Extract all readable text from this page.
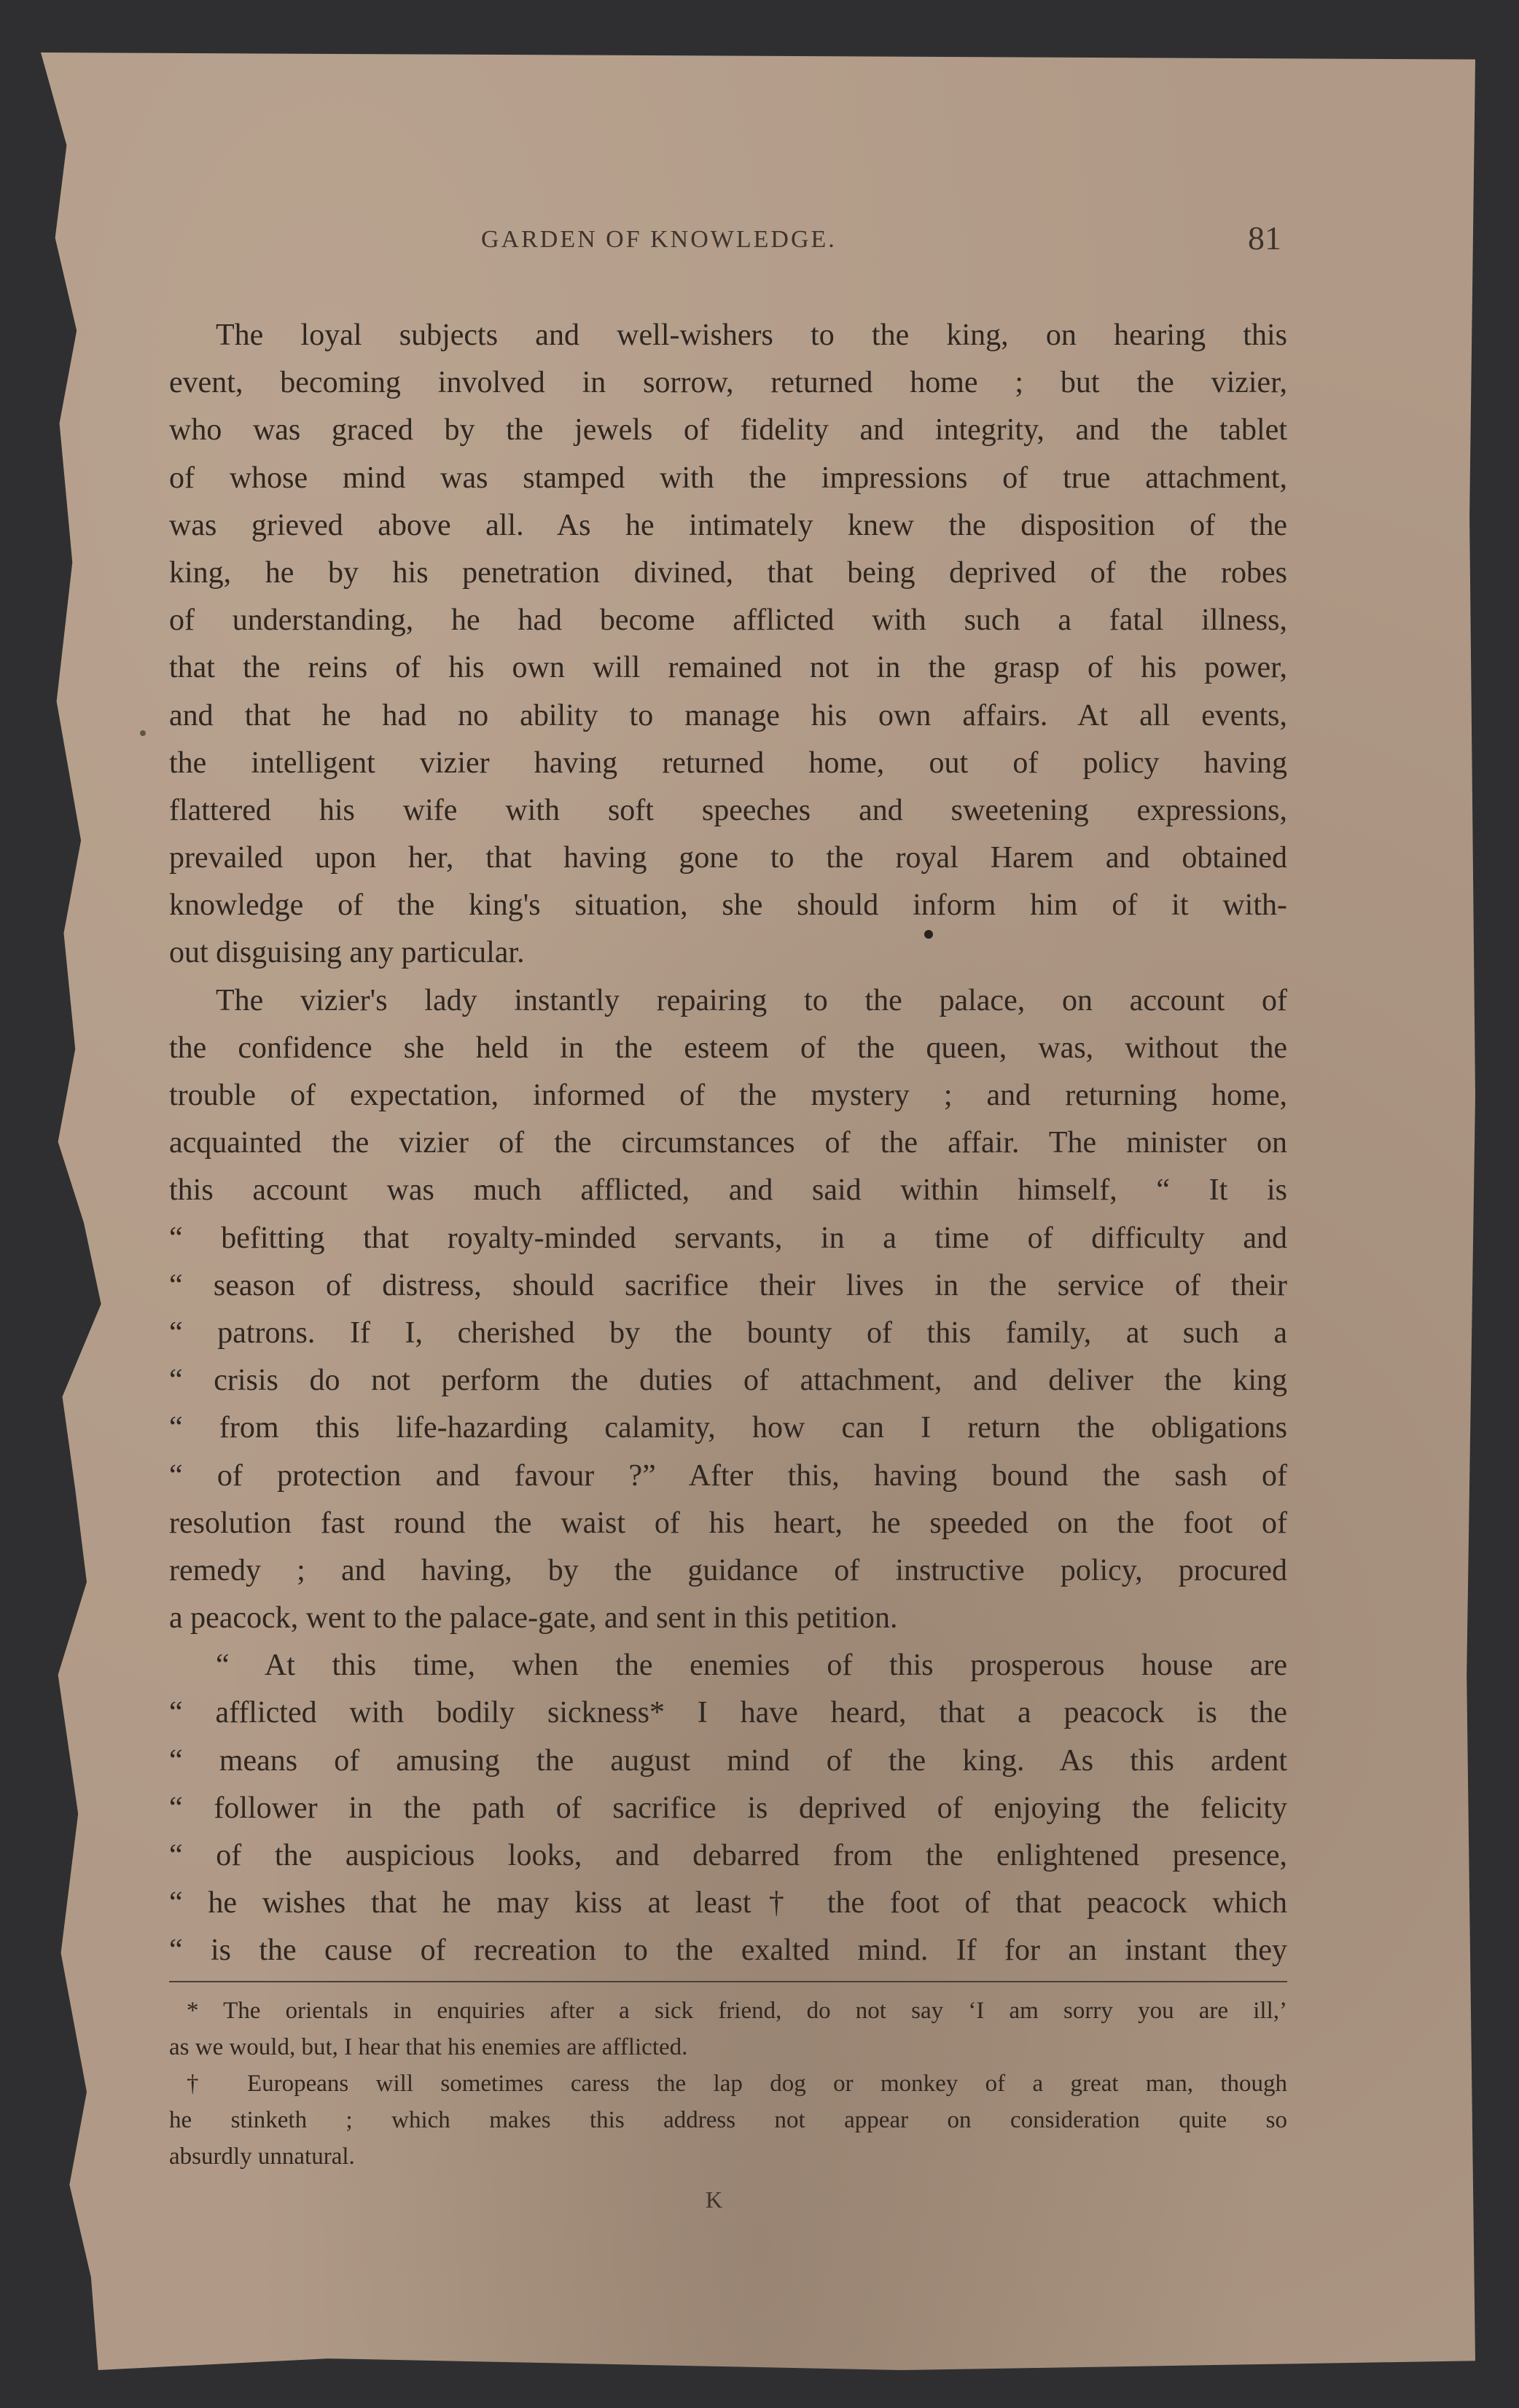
GARDEN OF KNOWLEDGE.	81
The loyal subjects and well-wishers to the king, on hearing this
event, becoming involved in sorrow, returned home ; but the vizier,
who was graced by the jewels of fidelity and integrity, and the tablet
of whose mind was stamped with the impressions of true attachment,
was grieved above all. As he intimately knew the disposition of the
king, he by his penetration divined, that being deprived of the robes
of understanding, he had become afflicted with such a fatal illness,
that the reins of his own will remained not in the grasp of his power,
and that he had no ability to manage his own affairs. At all events,
the intelligent vizier having returned home, out of policy having
flattered his wife with soft speeches and sweetening expressions,
prevailed upon her, that having gone to the royal Harem and obtained
knowledge of the king's situation, she should inform him of it with-
out disguising any particular.
The vizier's lady instantly repairing to the palace, on account of
the confidence she held in the esteem of the queen, was, without the
trouble of expectation, informed of the mystery ; and returning home,
acquainted the vizier of the circumstances of the affair. The minister on
this account was much afflicted, and said within himself, “ It is
“ befitting that royalty-minded servants, in a time of difficulty and
“ season of distress, should sacrifice their lives in the service of their
“ patrons. If I, cherished by the bounty of this family, at such a
“ crisis do not perform the duties of attachment, and deliver the king
“ from this life-hazarding calamity, how can I return the obligations
“ of protection and favour ?” After this, having bound the sash of
resolution fast round the waist of his heart, he speeded on the foot of
remedy ; and having, by the guidance of instructive policy, procured
a peacock, went to the palace-gate, and sent in this petition.
“ At this time, when the enemies of this prosperous house are
“ afflicted with bodily sickness* I have heard, that a peacock is the
“ means of amusing the august mind of the king. As this ardent
“ follower in the path of sacrifice is deprived of enjoying the felicity
“ of the auspicious looks, and debarred from the enlightened presence,
“ he wishes that he may kiss at least† the foot of that peacock which
“ is the cause of recreation to the exalted mind. If for an instant they
* The orientals in enquiries after a sick friend, do not say ‘I am sorry you are ill,’
as we would, but, I hear that his enemies are afflicted.
† Europeans will sometimes caress the lap dog or monkey of a great man, though
he stinketh ; which makes this address not appear on consideration quite so
absurdly unnatural.
K
